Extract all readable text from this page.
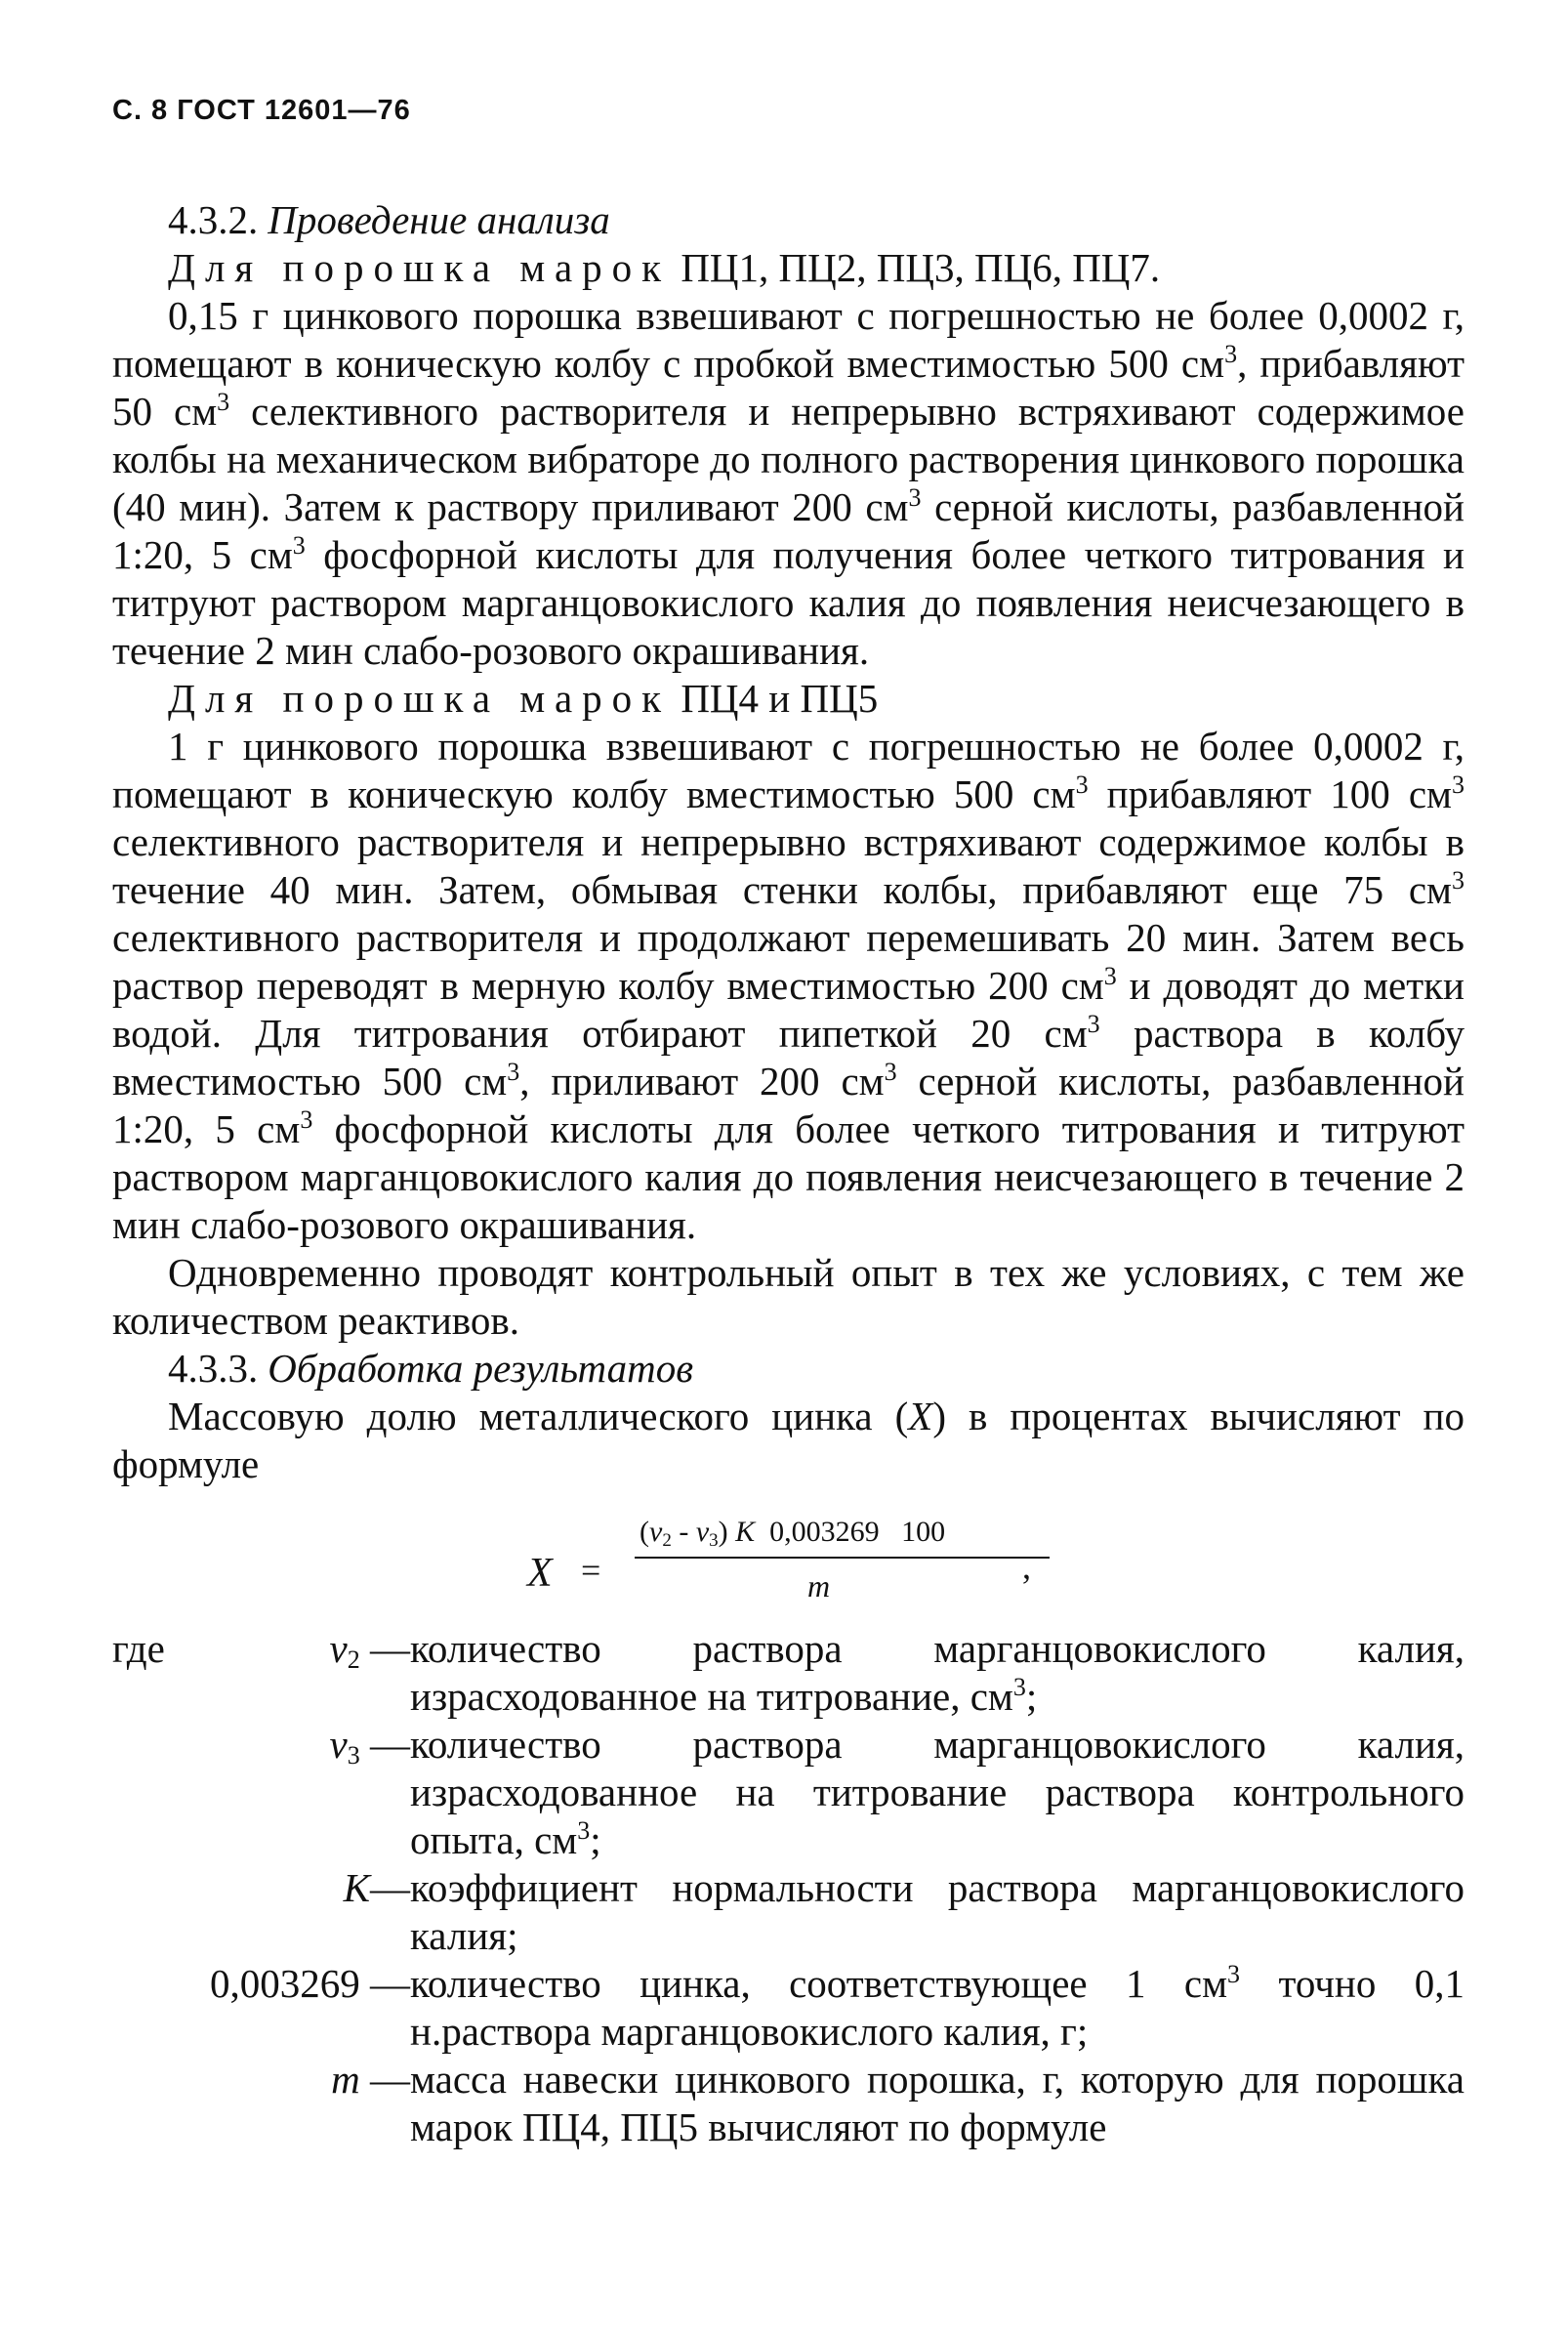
С. 8 ГОСТ 12601—76

4.3.2. Проведение анализа

Для порошка марок ПЦ1, ПЦ2, ПЦ3, ПЦ6, ПЦ7.

0,15 г цинкового порошка взвешивают с погрешностью не более 0,0002 г, помещают в коническую колбу с пробкой вместимостью 500 $см^3$, прибавляют 50 $см^3$ селективного растворителя и непрерывно встряхивают содержимое колбы на механическом вибраторе до полного растворения цинкового порошка (40 мин). Затем к раствору приливают 200 $см^3$ серной кислоты, разбавленной 1:20, 5 $см^3$ фосфорной кислоты для получения более четкого титрования и титруют раствором марганцовокислого калия до появления неисчезающего в течение 2 мин слабо-розового окрашивания.

Для порошка марок ПЦ4 и ПЦ5

1 г цинкового порошка взвешивают с погрешностью не более 0,0002 г, помещают в коническую колбу вместимостью 500 $см^3$ прибавляют 100 $см^3$ селективного растворителя и непрерывно встряхивают содержимое колбы в течение 40 мин. Затем, обмывая стенки колбы, прибавляют еще 75 $см^3$ селективного растворителя и продолжают перемешивать 20 мин. Затем весь раствор переводят в мерную колбу вместимостью 200 $см^3$ и доводят до метки водой. Для титрования отбирают пипеткой 20 $см^3$ раствора в колбу вместимостью 500 $см^3$, приливают 200 $см^3$ серной кислоты, разбавленной 1:20, 5 $см^3$ фосфорной кислоты для более четкого титрования и титруют раствором марганцовокислого калия до появления неисчезающего в течение 2 мин слабо-розового окрашивания.

Одновременно проводят контрольный опыт в тех же условиях, с тем же количеством реактивов.

4.3.3. Обработка результатов

Массовую долю металлического цинка (X) в процентах вычисляют по формуле

X =
$(v_2 - v_3)$ K  0,003269   100
m	,
где	$v_2$ —	количество раствора марганцовокислого калия, израсходованное на титрование, $см^3$;
	$v_3$ —	количество раствора марганцовокислого калия, израсходованное на титрование раствора контрольного опыта, $см^3$;
	K—	коэффициент нормальности раствора марганцовокислого калия;
	0,003269 —	количество цинка, соответствующее 1 $см^3$ точно 0,1 н.раствора марганцовокислого калия, г;
	m —	масса навески цинкового порошка, г, которую для порошка марок ПЦ4, ПЦ5 вычисляют по формуле
